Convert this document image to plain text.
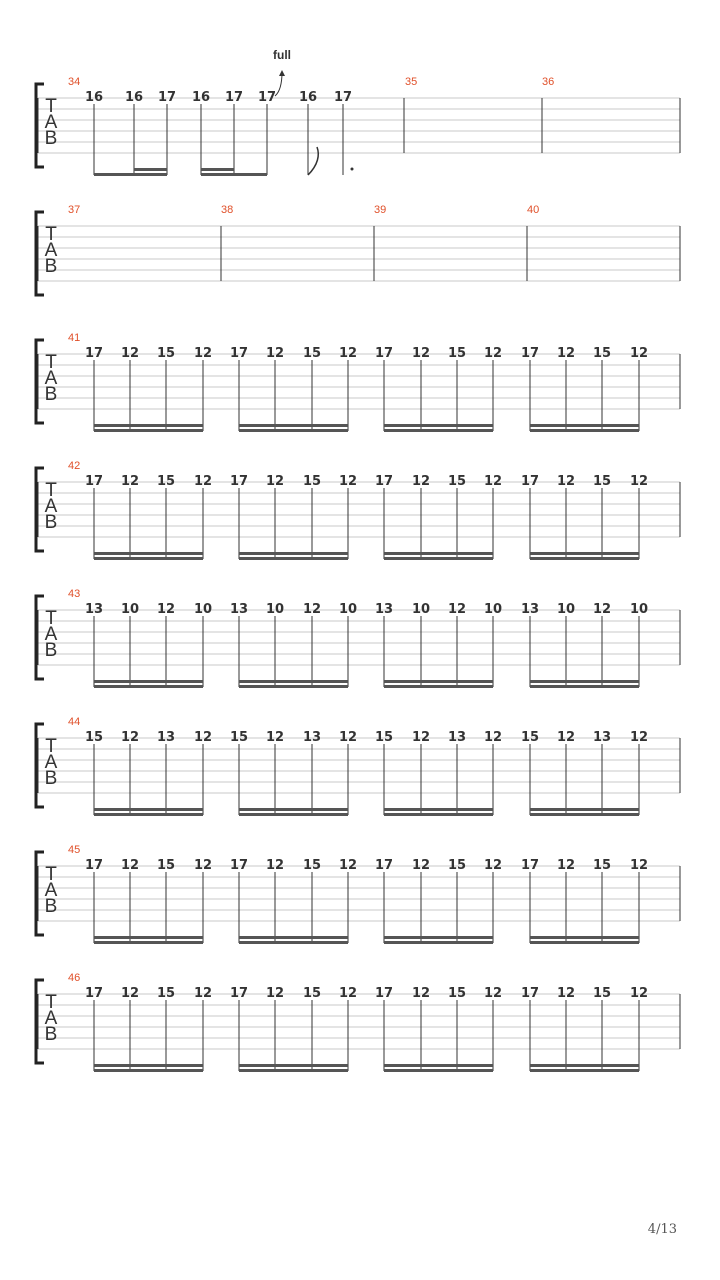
T
A
B
34	35	36
16 16 17 16 17 17 16 17
full
T
A
B
37	38	39	40
T
A
B
41
17 12 15 12 17 12 15 12 17 12 15 12 17 12 15 12
T
A
B
42
17 12 15 12 17 12 15 12 17 12 15 12 17 12 15 12
T
A
B
43
13 10 12 10 13 10 12 10 13 10 12 10 13 10 12 10
T
A
B
44
15 12 13 12 15 12 13 12 15 12 13 12 15 12 13 12
T
A
B
45
17 12 15 12 17 12 15 12 17 12 15 12 17 12 15 12
T
A
B
46
17 12 15 12 17 12 15 12 17 12 15 12 17 12 15 12
4/13
